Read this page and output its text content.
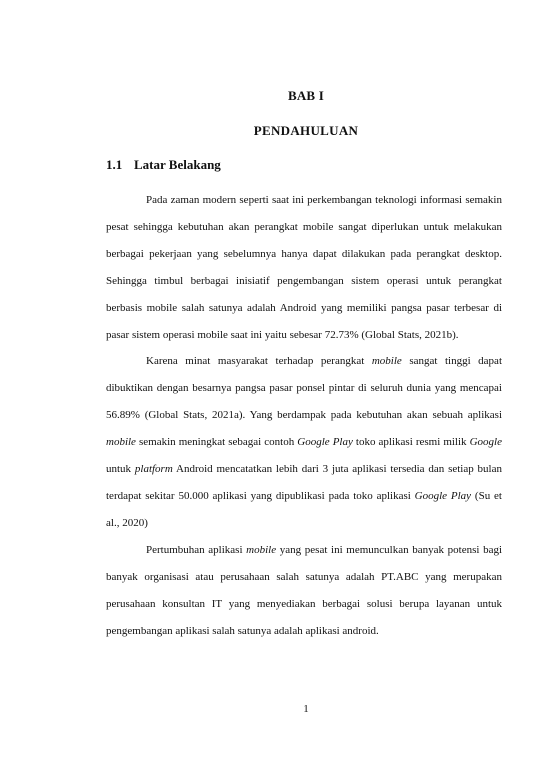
BAB I
PENDAHULUAN
1.1 Latar Belakang

Pada zaman modern seperti saat ini perkembangan teknologi informasi semakin pesat sehingga kebutuhan akan perangkat mobile sangat diperlukan untuk melakukan berbagai pekerjaan yang sebelumnya hanya dapat dilakukan pada perangkat desktop. Sehingga timbul berbagai inisiatif pengembangan sistem operasi untuk perangkat berbasis mobile salah satunya adalah Android yang memiliki pangsa pasar terbesar di pasar sistem operasi mobile saat ini yaitu sebesar 72.73% (Global Stats, 2021b).

Karena minat masyarakat terhadap perangkat mobile sangat tinggi dapat dibuktikan dengan besarnya pangsa pasar ponsel pintar di seluruh dunia yang mencapai 56.89% (Global Stats, 2021a). Yang berdampak pada kebutuhan akan sebuah aplikasi mobile semakin meningkat sebagai contoh Google Play toko aplikasi resmi milik Google untuk platform Android mencatatkan lebih dari 3 juta aplikasi tersedia dan setiap bulan terdapat sekitar 50.000 aplikasi yang dipublikasi pada toko aplikasi Google Play (Su et al., 2020)

Pertumbuhan aplikasi mobile yang pesat ini memunculkan banyak potensi bagi banyak organisasi atau perusahaan salah satunya adalah PT.ABC yang merupakan perusahaan konsultan IT yang menyediakan berbagai solusi berupa layanan untuk pengembangan aplikasi salah satunya adalah aplikasi android.

1
